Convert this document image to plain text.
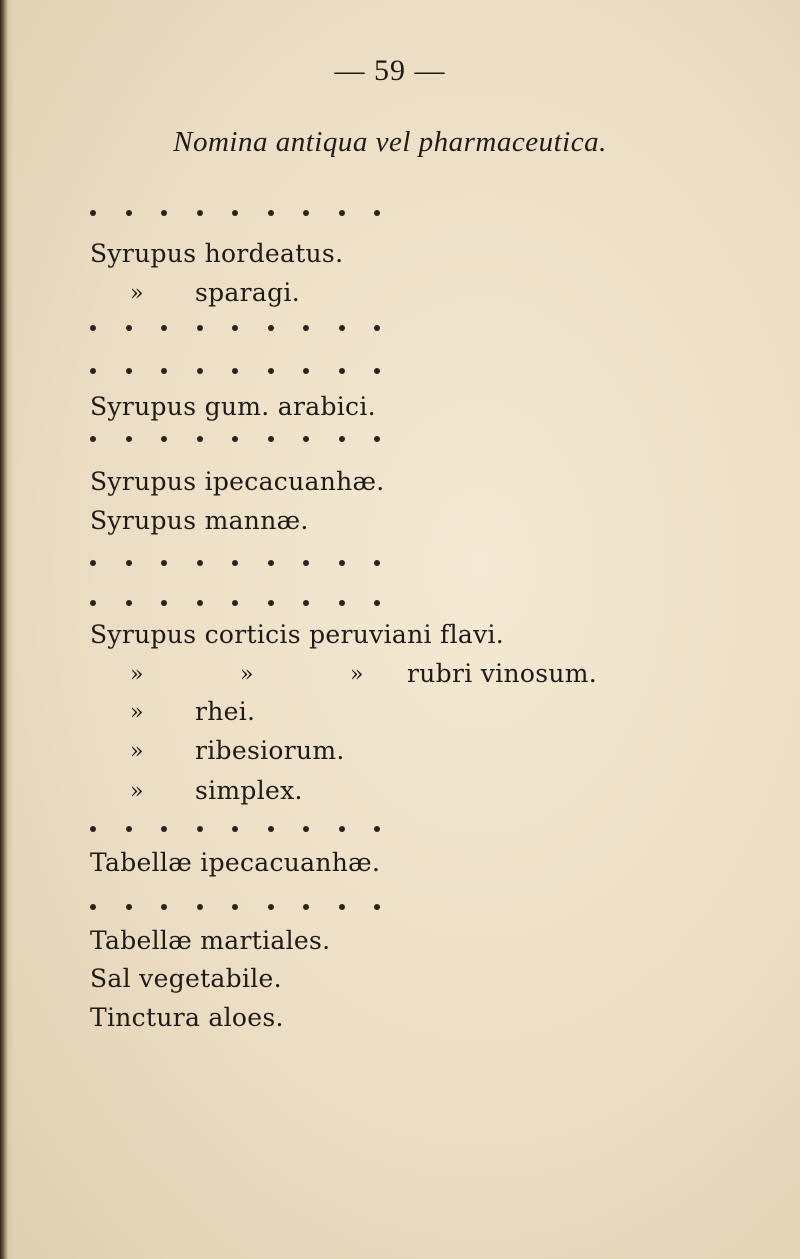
— 59 —
Nomina antiqua vel pharmaceutica.
Syrupus hordeatus.
» sparagi.
Syrupus gum. arabici.
Syrupus ipecacuanhæ.
Syrupus mannæ.
Syrupus corticis peruviani flavi.
»	»	» rubri vinosum.
» rhei.
» ribesiorum.
» simplex.
Tabellæ ipecacuanhæ.
Tabellæ martiales.
Sal vegetabile.
Tinctura aloes.
